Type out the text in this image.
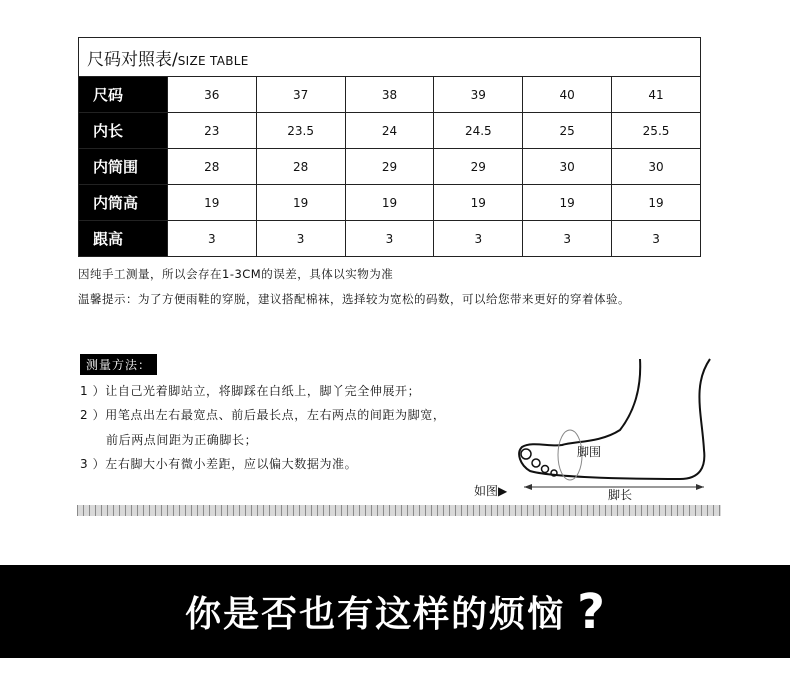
尺码对照表/SIZE TABLE						
尺码	36	37	38	39	40	41
内长	23	23.5	24	24.5	25	25.5
内筒围	28	28	29	29	30	30
内筒高	19	19	19	19	19	19
跟高	3	3	3	3	3	3
因纯手工测量，所以会存在1-3CM的误差，具体以实物为准
温馨提示：为了方便雨鞋的穿脱，建议搭配棉袜，选择较为宽松的码数，可以给您带来更好的穿着体验。
测量方法：
1 ）让自己光着脚站立，将脚踩在白纸上，脚丫完全伸展开；
2 ）用笔点出左右最宽点、前后最长点，左右两点的间距为脚宽，
前后两点间距为正确脚长；
3 ）左右脚大小有微小差距，应以偏大数据为准。
脚围
脚长
如图▶
你是否也有这样的烦恼 ?
